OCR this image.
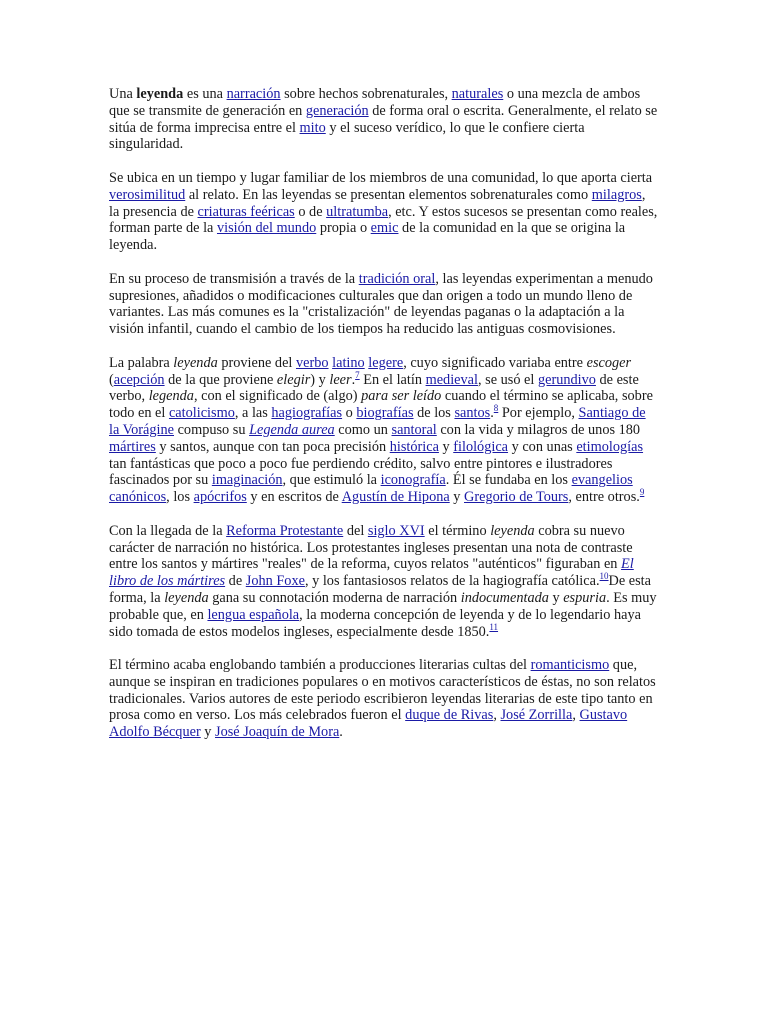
Una leyenda es una narración sobre hechos sobrenaturales, naturales o una mezcla de ambos que se transmite de generación en generación de forma oral o escrita. Generalmente, el relato se sitúa de forma imprecisa entre el mito y el suceso verídico, lo que le confiere cierta singularidad.

Se ubica en un tiempo y lugar familiar de los miembros de una comunidad, lo que aporta cierta verosimilitud al relato. En las leyendas se presentan elementos sobrenaturales como milagros, la presencia de criaturas feéricas o de ultratumba, etc. Y estos sucesos se presentan como reales, forman parte de la visión del mundo propia o emic de la comunidad en la que se origina la leyenda.

En su proceso de transmisión a través de la tradición oral, las leyendas experimentan a menudo supresiones, añadidos o modificaciones culturales que dan origen a todo un mundo lleno de variantes. Las más comunes es la "cristalización" de leyendas paganas o la adaptación a la visión infantil, cuando el cambio de los tiempos ha reducido las antiguas cosmovisiones.

La palabra leyenda proviene del verbo latino legere, cuyo significado variaba entre escoger (acepción de la que proviene elegir) y leer.$^7$ En el latín medieval, se usó el gerundivo de este verbo, legenda, con el significado de (algo) para ser leído cuando el término se aplicaba, sobre todo en el catolicismo, a las hagiografías o biografías de los santos.$^8$ Por ejemplo, Santiago de la Vorágine compuso su Legenda aurea como un santoral con la vida y milagros de unos 180 mártires y santos, aunque con tan poca precisión histórica y filológica y con unas etimologías tan fantásticas que poco a poco fue perdiendo crédito, salvo entre pintores e ilustradores fascinados por su imaginación, que estimuló la iconografía. Él se fundaba en los evangelios canónicos, los apócrifos y en escritos de Agustín de Hipona y Gregorio de Tours, entre otros.$^9$

Con la llegada de la Reforma Protestante del siglo XVI el término leyenda cobra su nuevo carácter de narración no histórica. Los protestantes ingleses presentan una nota de contraste entre los santos y mártires "reales" de la reforma, cuyos relatos "auténticos" figuraban en El libro de los mártires de John Foxe, y los fantasiosos relatos de la hagiografía católica.$^{10}$De esta forma, la leyenda gana su connotación moderna de narración indocumentada y espuria. Es muy probable que, en lengua española, la moderna concepción de leyenda y de lo legendario haya sido tomada de estos modelos ingleses, especialmente desde 1850.11

El término acaba englobando también a producciones literarias cultas del romanticismo que, aunque se inspiran en tradiciones populares o en motivos característicos de éstas, no son relatos tradicionales. Varios autores de este periodo escribieron leyendas literarias de este tipo tanto en prosa como en verso. Los más celebrados fueron el duque de Rivas, José Zorrilla, Gustavo Adolfo Bécquer y José Joaquín de Mora.
